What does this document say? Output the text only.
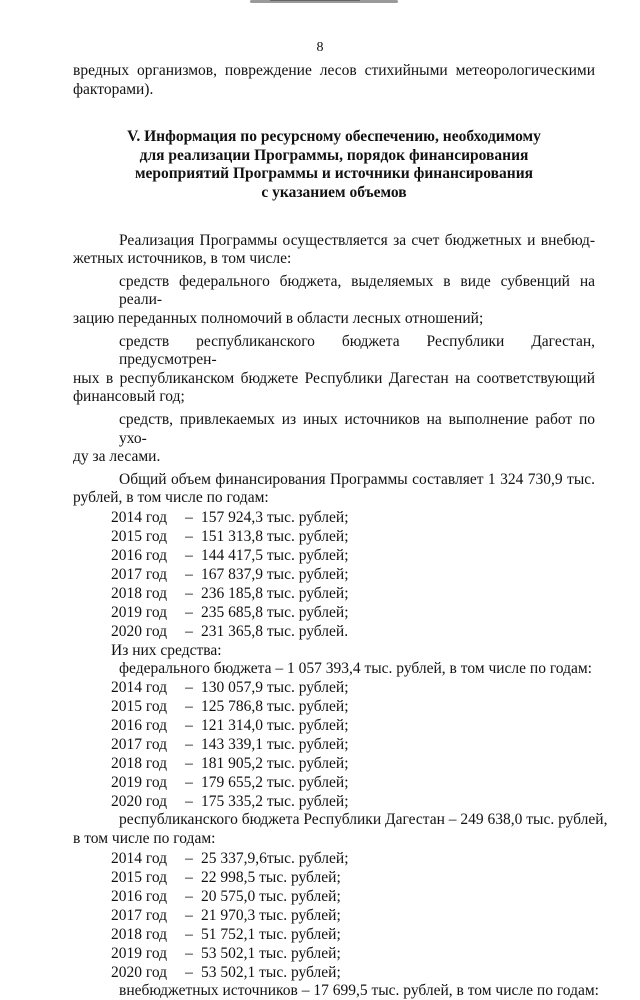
8

вредных организмов, повреждение лесов стихийными метеорологическими

факторами).

V. Информация по ресурсному обеспечению, необходимому
для реализации Программы, порядок финансирования
мероприятий Программы и источники финансирования
с указанием объемов

Реализация Программы осуществляется за счет бюджетных и внебюд-

жетных источников, в том числе:

средств федерального бюджета, выделяемых в виде субвенций на реали-

зацию переданных полномочий в области лесных отношений;

средств республиканского бюджета Республики Дагестан, предусмотрен-

ных в республиканском бюджете Республики Дагестан на соответствующий

финансовый год;

средств, привлекаемых из иных источников на выполнение работ по ухо-

ду за лесами.

Общий объем финансирования Программы составляет 1 324 730,9 тыс.

рублей, в том числе по годам:

2014 год	– 157 924,3 тыс. рублей;
2015 год	– 151 313,8 тыс. рублей;
2016 год	– 144 417,5 тыс. рублей;
2017 год	– 167 837,9 тыс. рублей;
2018 год	– 236 185,8 тыс. рублей;
2019 год	– 235 685,8 тыс. рублей;
2020 год	– 231 365,8 тыс. рублей.
Из них средства:

федерального бюджета – 1 057 393,4 тыс. рублей, в том числе по годам:

2014 год	– 130 057,9 тыс. рублей;
2015 год	– 125 786,8 тыс. рублей;
2016 год	– 121 314,0 тыс. рублей;
2017 год	– 143 339,1 тыс. рублей;
2018 год	– 181 905,2 тыс. рублей;
2019 год	– 179 655,2 тыс. рублей;
2020 год	– 175 335,2 тыс. рублей;

республиканского бюджета Республики Дагестан – 249 638,0 тыс. рублей,

в том числе по годам:

2014 год	– 25 337,9,6тыс. рублей;
2015 год	– 22 998,5 тыс. рублей;
2016 год	– 20 575,0 тыс. рублей;
2017 год	– 21 970,3 тыс. рублей;
2018 год	– 51 752,1 тыс. рублей;
2019 год	– 53 502,1 тыс. рублей;
2020 год	– 53 502,1 тыс. рублей;

внебюджетных источников – 17 699,5 тыс. рублей, в том числе по годам:
